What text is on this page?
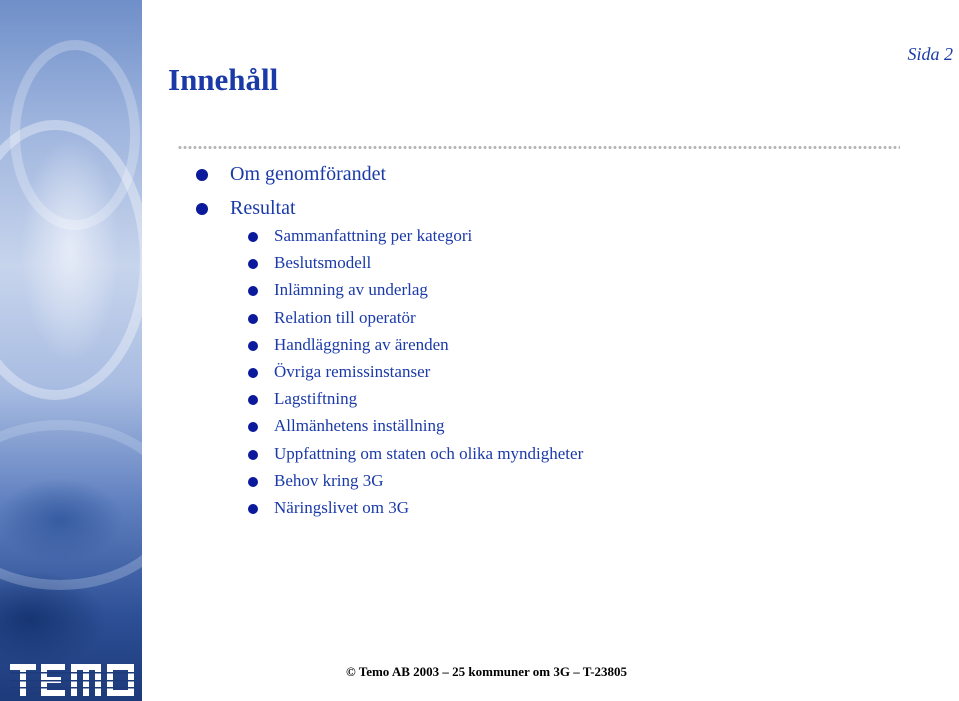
Sida 2
Innehåll
Om genomförandet
Resultat
Sammanfattning per kategori
Beslutsmodell
Inlämning av underlag
Relation till operatör
Handläggning av ärenden
Övriga remissinstanser
Lagstiftning
Allmänhetens inställning
Uppfattning om staten och olika myndigheter
Behov kring 3G
Näringslivet om 3G
© Temo AB 2003 – 25 kommuner om 3G – T-23805
